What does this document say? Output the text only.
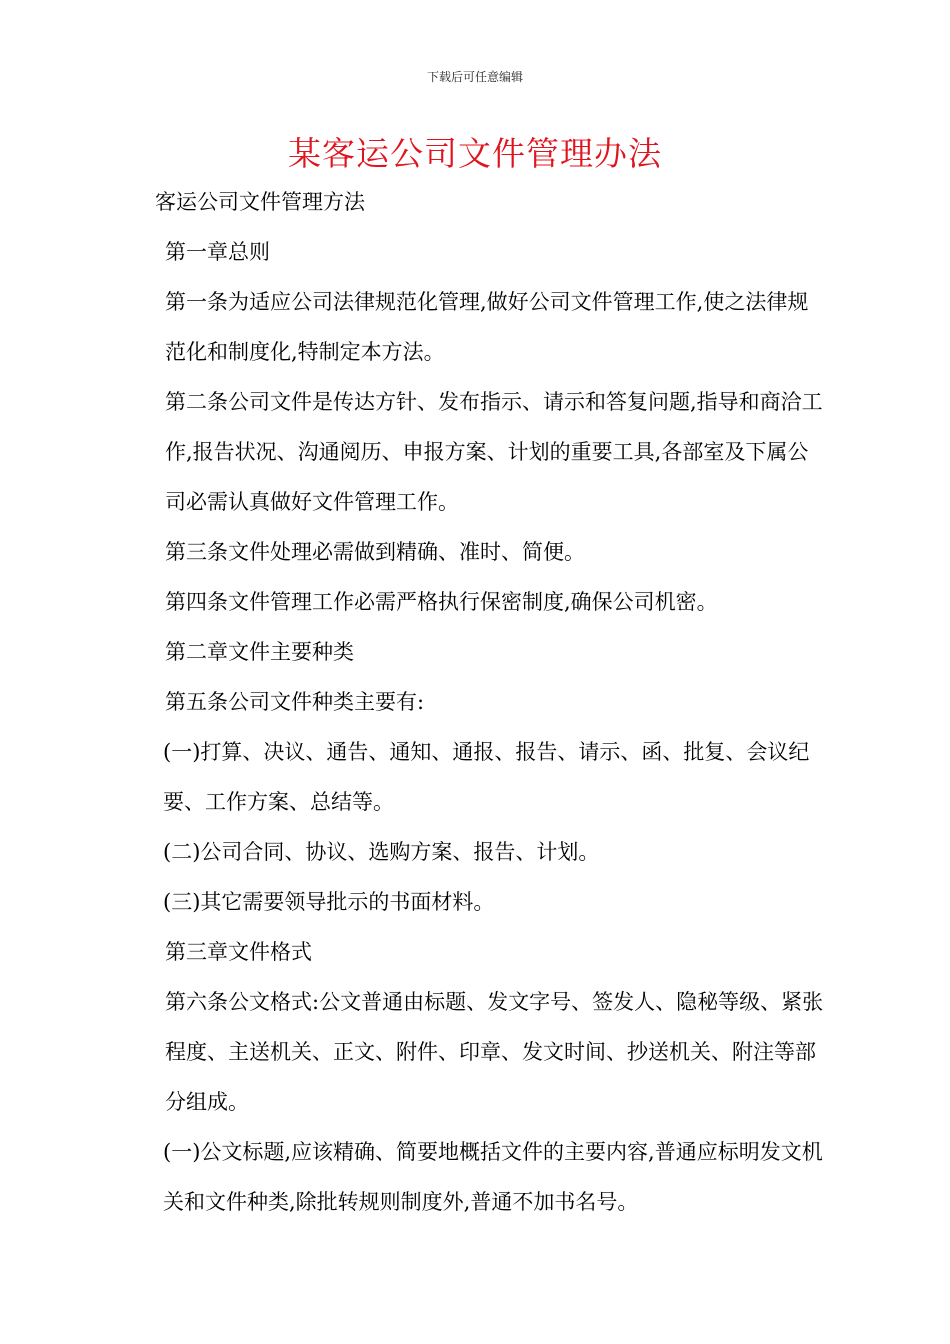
下载后可任意编辑
某客运公司文件管理办法

客运公司文件管理方法

第一章总则

第一条为适应公司法律规范化管理,做好公司文件管理工作,使之法律规范化和制度化,特制定本方法。

第二条公司文件是传达方针、发布指示、请示和答复问题,指导和商洽工作,报告状况、沟通阅历、申报方案、计划的重要工具,各部室及下属公司必需认真做好文件管理工作。

第三条文件处理必需做到精确、准时、简便。

第四条文件管理工作必需严格执行保密制度,确保公司机密。

第二章文件主要种类

第五条公司文件种类主要有:

(一)打算、决议、通告、通知、通报、报告、请示、函、批复、会议纪要、工作方案、总结等。

(二)公司合同、协议、选购方案、报告、计划。

(三)其它需要领导批示的书面材料。

第三章文件格式

第六条公文格式:公文普通由标题、发文字号、签发人、隐秘等级、紧张程度、主送机关、正文、附件、印章、发文时间、抄送机关、附注等部分组成。

(一)公文标题,应该精确、简要地概括文件的主要内容,普通应标明发文机关和文件种类,除批转规则制度外,普通不加书名号。
